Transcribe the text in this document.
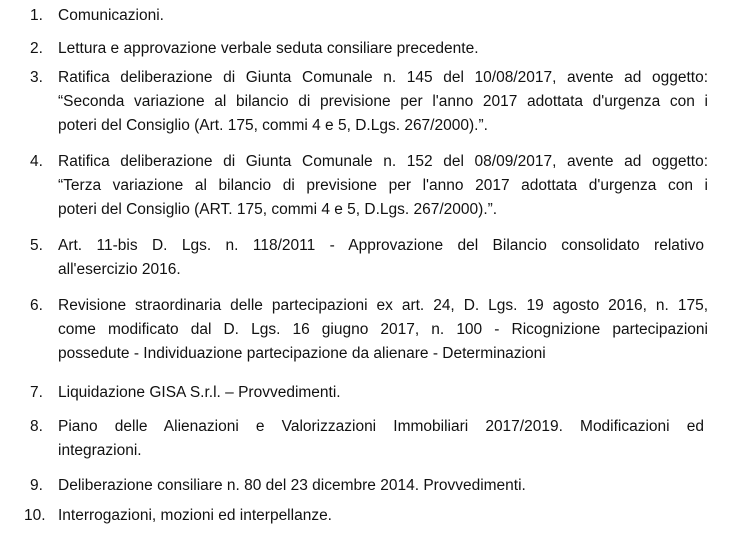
1. Comunicazioni.
2. Lettura e approvazione verbale seduta consiliare precedente.
3. Ratifica deliberazione di Giunta Comunale n. 145 del 10/08/2017, avente ad oggetto:
“Seconda variazione al bilancio di previsione per l'anno 2017 adottata d'urgenza con i
poteri del Consiglio (Art. 175, commi 4 e 5, D.Lgs. 267/2000).”.
4. Ratifica deliberazione di Giunta Comunale n. 152 del 08/09/2017, avente ad oggetto:
“Terza variazione al bilancio di previsione per l'anno 2017 adottata d'urgenza con i
poteri del Consiglio (ART. 175, commi 4 e 5, D.Lgs. 267/2000).”.
5. Art. 11-bis D. Lgs. n. 118/2011 - Approvazione del Bilancio consolidato relativo
all'esercizio 2016.
6. Revisione straordinaria delle partecipazioni ex art. 24, D. Lgs. 19 agosto 2016, n. 175,
come modificato dal D. Lgs. 16 giugno 2017, n. 100 - Ricognizione partecipazioni
possedute - Individuazione partecipazione da alienare - Determinazioni
7. Liquidazione GISA S.r.l. – Provvedimenti.
8. Piano delle Alienazioni e Valorizzazioni Immobiliari 2017/2019. Modificazioni ed
integrazioni.
9. Deliberazione consiliare n. 80 del 23 dicembre 2014. Provvedimenti.
10. Interrogazioni, mozioni ed interpellanze.
